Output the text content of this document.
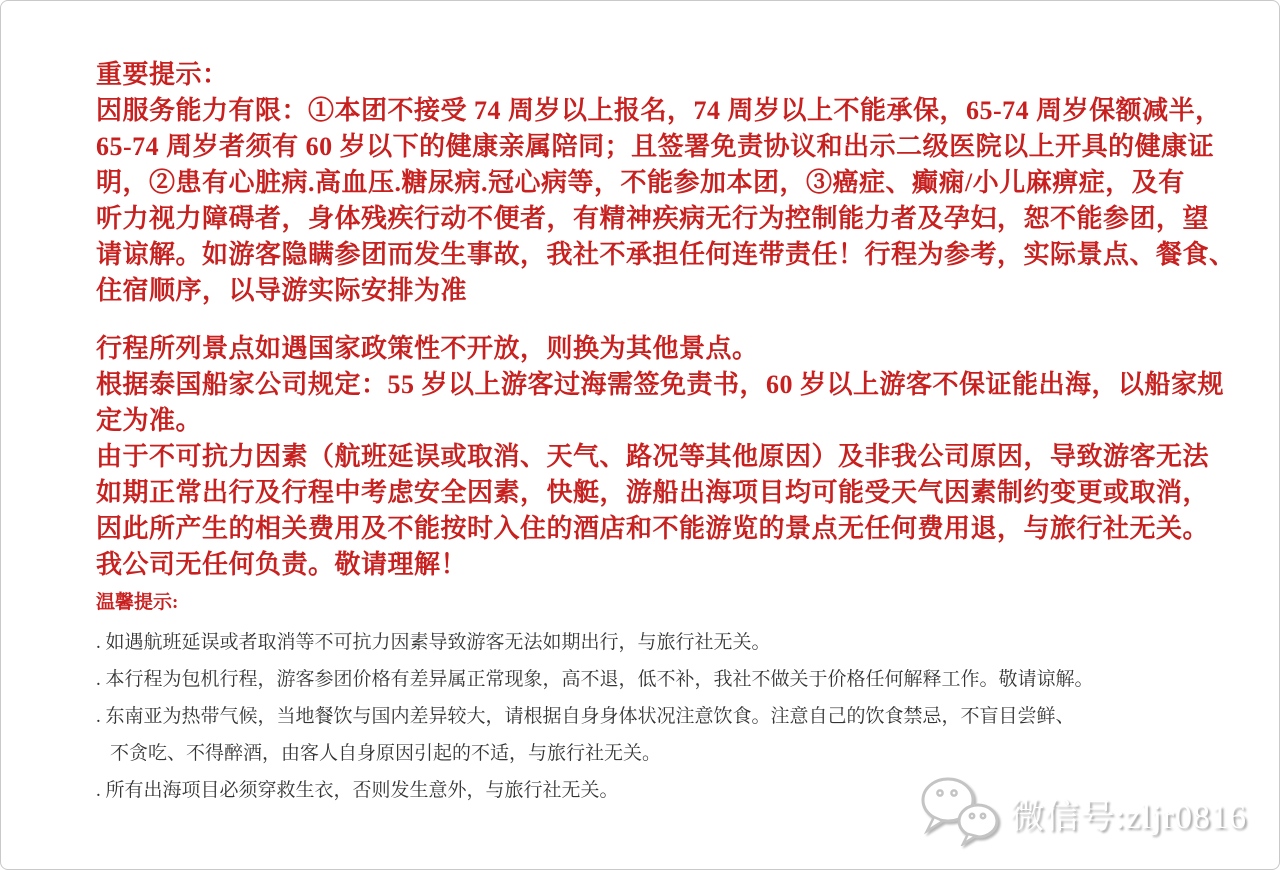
重要提示：
因服务能力有限：①本团不接受 74 周岁以上报名，74 周岁以上不能承保，65-74 周岁保额减半，
65-74 周岁者须有 60 岁以下的健康亲属陪同；且签署免责协议和出示二级医院以上开具的健康证
明，②患有心脏病.高血压.糖尿病.冠心病等，不能参加本团，③癌症、癫痫/小儿麻痹症，及有
听力视力障碍者，身体残疾行动不便者，有精神疾病无行为控制能力者及孕妇，恕不能参团，望
请谅解。如游客隐瞒参团而发生事故，我社不承担任何连带责任！行程为参考，实际景点、餐食、
住宿顺序，以导游实际安排为准
行程所列景点如遇国家政策性不开放，则换为其他景点。
根据泰国船家公司规定：55 岁以上游客过海需签免责书，60 岁以上游客不保证能出海，以船家规
定为准。
由于不可抗力因素（航班延误或取消、天气、路况等其他原因）及非我公司原因，导致游客无法
如期正常出行及行程中考虑安全因素，快艇，游船出海项目均可能受天气因素制约变更或取消，
因此所产生的相关费用及不能按时入住的酒店和不能游览的景点无任何费用退，与旅行社无关。
我公司无任何负责。敬请理解！
温馨提示:
. 如遇航班延误或者取消等不可抗力因素导致游客无法如期出行，与旅行社无关。
. 本行程为包机行程，游客参团价格有差异属正常现象，高不退，低不补，我社不做关于价格任何解释工作。敬请谅解。
. 东南亚为热带气候，当地餐饮与国内差异较大，请根据自身身体状况注意饮食。注意自己的饮食禁忌，不盲目尝鲜、
不贪吃、不得醉酒，由客人自身原因引起的不适，与旅行社无关。
. 所有出海项目必须穿救生衣，否则发生意外，与旅行社无关。
微信号:zljr0816
